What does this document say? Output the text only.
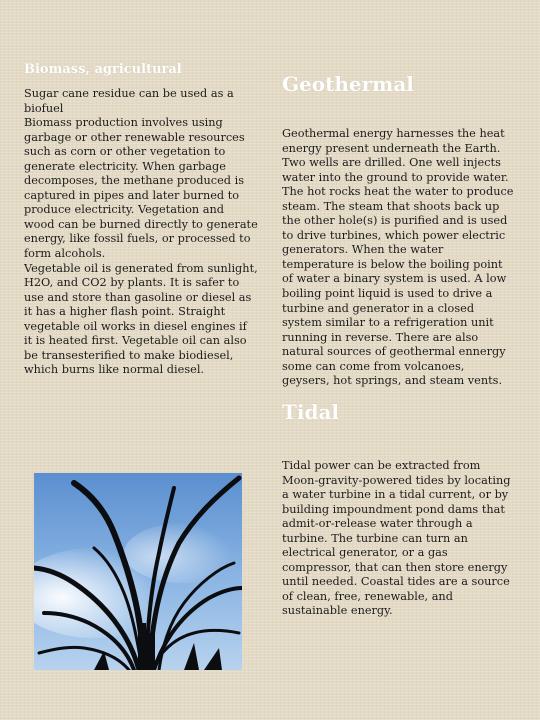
Biomass, agricultural

Sugar cane residue can be used as a biofuel

Biomass production involves using garbage or other renewable resources such as corn or other vegetation to generate electricity. When garbage decomposes, the methane produced is captured in pipes and later burned to produce electricity. Vegetation and wood can be burned directly to generate energy, like fossil fuels, or processed to form alcohols.

Vegetable oil is generated from sunlight, H2O, and CO2 by plants. It is safer to use and store than gasoline or diesel as it has a higher flash point. Straight vegetable oil works in diesel engines if it is heated first. Vegetable oil can also be transesterified to make biodiesel, which burns like normal diesel.

Geothermal

Geothermal energy harnesses the heat energy present underneath the Earth. Two wells are drilled. One well injects water into the ground to provide water. The hot rocks heat the water to produce steam. The steam that shoots back up the other hole(s) is purified and is used to drive turbines, which power electric generators. When the water temperature is below the boiling point of water a binary system is used. A low boiling point liquid is used to drive a turbine and generator in a closed system similar to a refrigeration unit running in reverse. There are also natural sources of geothermal ennergy some can come from volcanoes, geysers, hot springs, and steam vents.

Tidal

Tidal power can be extracted from Moon-gravity-powered tides by locating a water turbine in a tidal current, or by building impoundment pond dams that admit-or-release water through a turbine. The turbine can turn an electrical generator, or a gas compressor, that can then store energy until needed. Coastal tides are a source of clean, free, renewable, and sustainable energy.
